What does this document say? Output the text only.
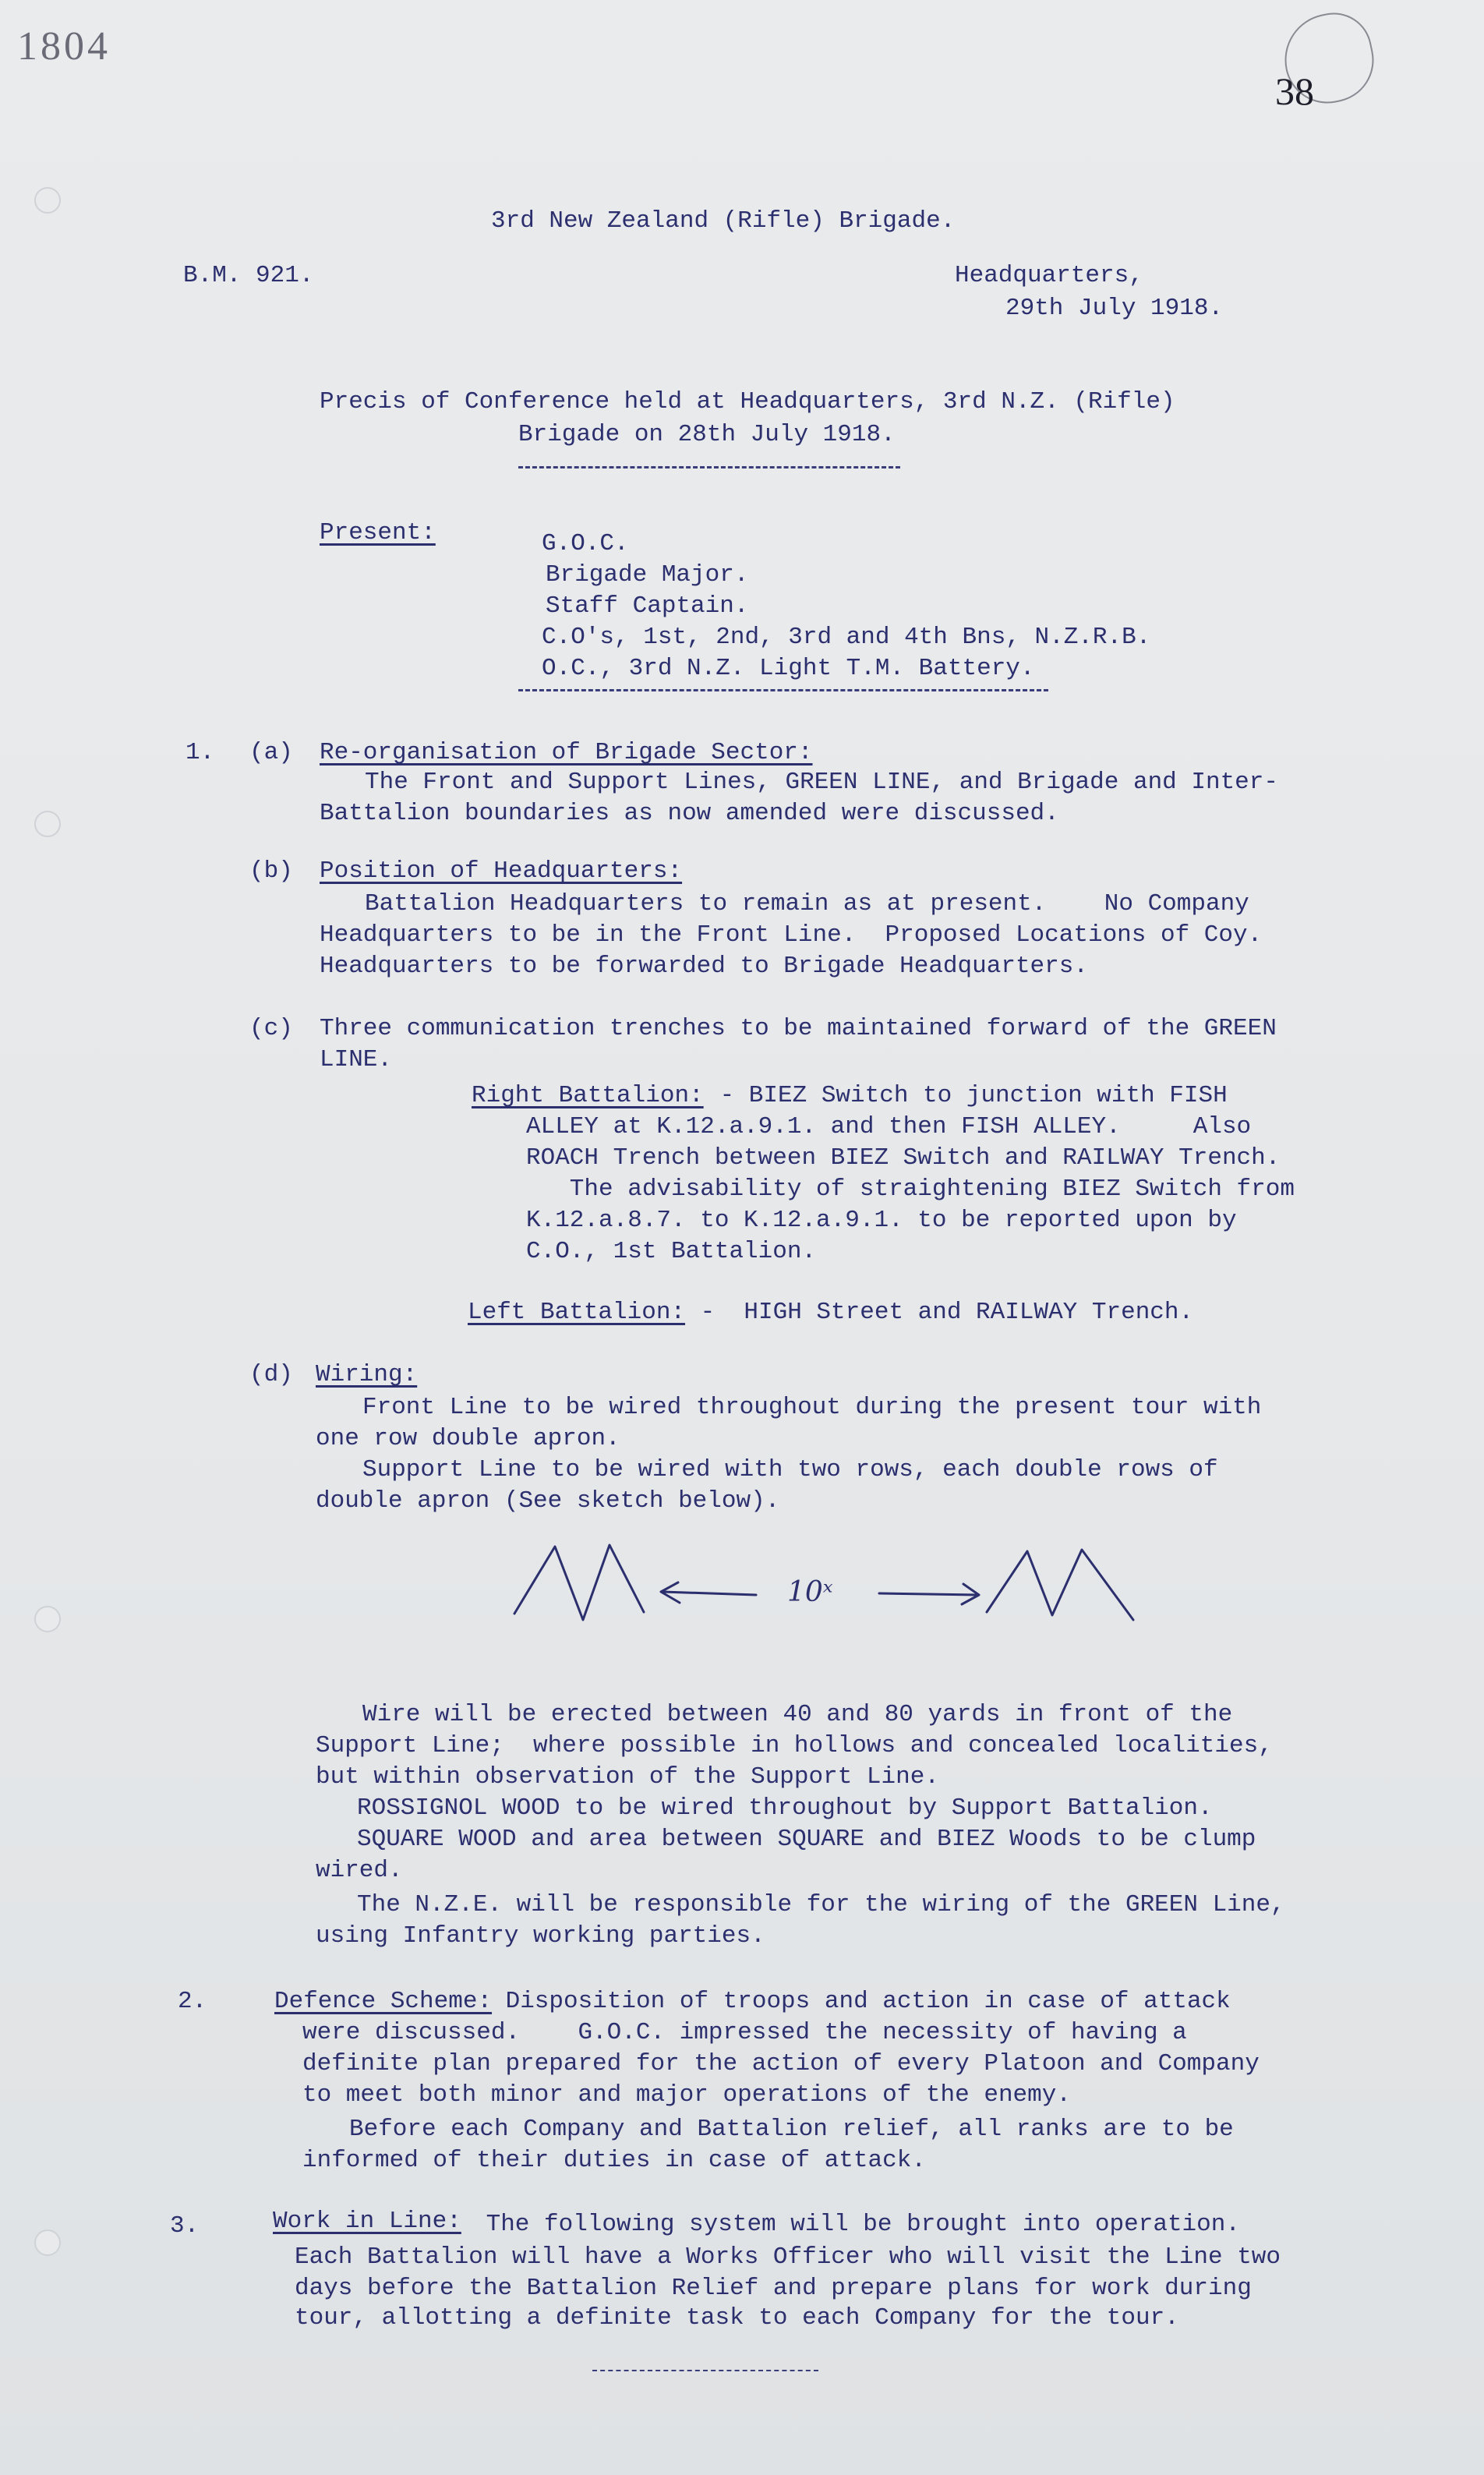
1804
38
3rd New Zealand (Rifle) Brigade.
B.M. 921.	Headquarters,
29th July 1918.
Precis of Conference held at Headquarters, 3rd N.Z. (Rifle)
Brigade on 28th July 1918.
Present:	G.O.C.
Brigade Major.
Staff Captain.
C.O's, 1st, 2nd, 3rd and 4th Bns, N.Z.R.B.
O.C., 3rd N.Z. Light T.M. Battery.
1. (a) Re-organisation of Brigade Sector:
The Front and Support Lines, GREEN LINE, and Brigade and Inter-
Battalion boundaries as now amended were discussed.
(b) Position of Headquarters:
Battalion Headquarters to remain as at present.    No Company
Headquarters to be in the Front Line.  Proposed Locations of Coy.
Headquarters to be forwarded to Brigade Headquarters.
(c) Three communication trenches to be maintained forward of the GREEN
LINE.
Right Battalion: - BIEZ Switch to junction with FISH
ALLEY at K.12.a.9.1. and then FISH ALLEY.     Also
ROACH Trench between BIEZ Switch and RAILWAY Trench.
The advisability of straightening BIEZ Switch from
K.12.a.8.7. to K.12.a.9.1. to be reported upon by
C.O., 1st Battalion.
Left Battalion: -  HIGH Street and RAILWAY Trench.
(d) Wiring:
Front Line to be wired throughout during the present tour with
one row double apron.
Support Line to be wired with two rows, each double rows of
double apron (See sketch below).
10ˣ
Wire will be erected between 40 and 80 yards in front of the
Support Line;  where possible in hollows and concealed localities,
but within observation of the Support Line.
ROSSIGNOL WOOD to be wired throughout by Support Battalion.
SQUARE WOOD and area between SQUARE and BIEZ Woods to be clump
wired.
The N.Z.E. will be responsible for the wiring of the GREEN Line,
using Infantry working parties.
2.	Defence Scheme:
Disposition of troops and action in case of attack
were discussed.    G.O.C. impressed the necessity of having a
definite plan prepared for the action of every Platoon and Company
to meet both minor and major operations of the enemy.
Before each Company and Battalion relief, all ranks are to be
informed of their duties in case of attack.
3.	Work in Line: The following system will be brought into operation.
Each Battalion will have a Works Officer who will visit the Line two
days before the Battalion Relief and prepare plans for work during
tour, allotting a definite task to each Company for the tour.
